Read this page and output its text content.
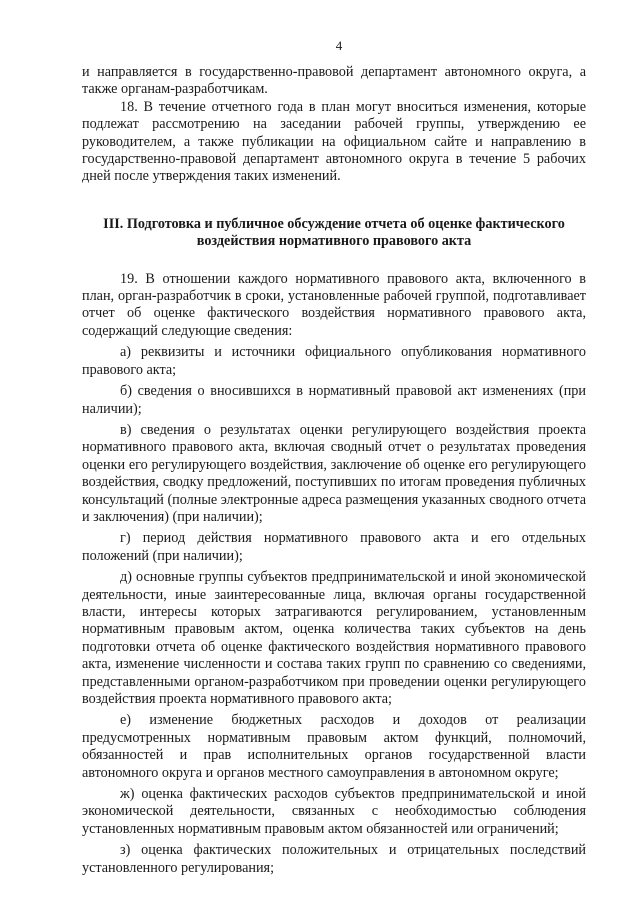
4

и направляется в государственно-правовой департамент автономного округа, а также органам-разработчикам.

18. В течение отчетного года в план могут вноситься изменения, которые подлежат рассмотрению на заседании рабочей группы, утверждению ее руководителем, а также публикации на официальном сайте и направлению в государственно-правовой департамент автономного округа в течение 5 рабочих дней после утверждения таких изменений.

III. Подготовка и публичное обсуждение отчета об оценке фактического воздействия нормативного правового акта

19. В отношении каждого нормативного правового акта, включенного в план, орган-разработчик в сроки, установленные рабочей группой, подготавливает отчет об оценке фактического воздействия нормативного правового акта, содержащий следующие сведения:

а) реквизиты и источники официального опубликования нормативного правового акта;

б) сведения о вносившихся в нормативный правовой акт изменениях (при наличии);

в) сведения о результатах оценки регулирующего воздействия проекта нормативного правового акта, включая сводный отчет о результатах проведения оценки его регулирующего воздействия, заключение об оценке его регулирующего воздействия, сводку предложений, поступивших по итогам проведения публичных консультаций (полные электронные адреса размещения указанных сводного отчета и заключения) (при наличии);

г) период действия нормативного правового акта и его отдельных положений (при наличии);

д) основные группы субъектов предпринимательской и иной экономической деятельности, иные заинтересованные лица, включая органы государственной власти, интересы которых затрагиваются регулированием, установленным нормативным правовым актом, оценка количества таких субъектов на день подготовки отчета об оценке фактического воздействия нормативного правового акта, изменение численности и состава таких групп по сравнению со сведениями, представленными органом-разработчиком при проведении оценки регулирующего воздействия проекта нормативного правового акта;

е) изменение бюджетных расходов и доходов от реализации предусмотренных нормативным правовым актом функций, полномочий, обязанностей и прав исполнительных органов государственной власти автономного округа и органов местного самоуправления в автономном округе;

ж) оценка фактических расходов субъектов предпринимательской и иной экономической деятельности, связанных с необходимостью соблюдения установленных нормативным правовым актом обязанностей или ограничений;

з) оценка фактических положительных и отрицательных последствий установленного регулирования;
